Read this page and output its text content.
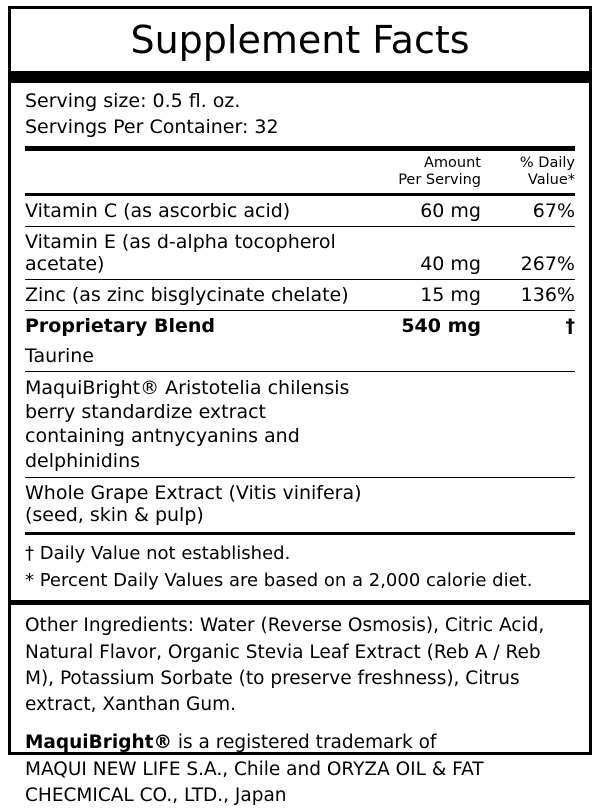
Supplement Facts
Serving size: 0.5 fl. oz.
Servings Per Container: 32

Amount
Per Serving

% Daily
Value*

Vitamin C (as ascorbic acid)	60 mg	67%
Vitamin E (as d-alpha tocopherol acetate)	40 mg	267%
Zinc (as zinc bisglycinate chelate)	15 mg	136%
Proprietary Blend	540 mg	†
Taurine		
MaquiBright® Aristotelia chilensis berry standardize extract containing antnycyanins and delphinidins		
Whole Grape Extract (Vitis vinifera) (seed, skin & pulp)		
† Daily Value not established.
* Percent Daily Values are based on a 2,000 calorie diet.
Other Ingredients: Water (Reverse Osmosis), Citric Acid, Natural Flavor, Organic Stevia Leaf Extract (Reb A / Reb M), Potassium Sorbate (to preserve freshness), Citrus extract, Xanthan Gum.
MaquiBright® is a registered trademark of
MAQUI NEW LIFE S.A., Chile and ORYZA OIL & FAT
CHECMICAL CO., LTD., Japan
